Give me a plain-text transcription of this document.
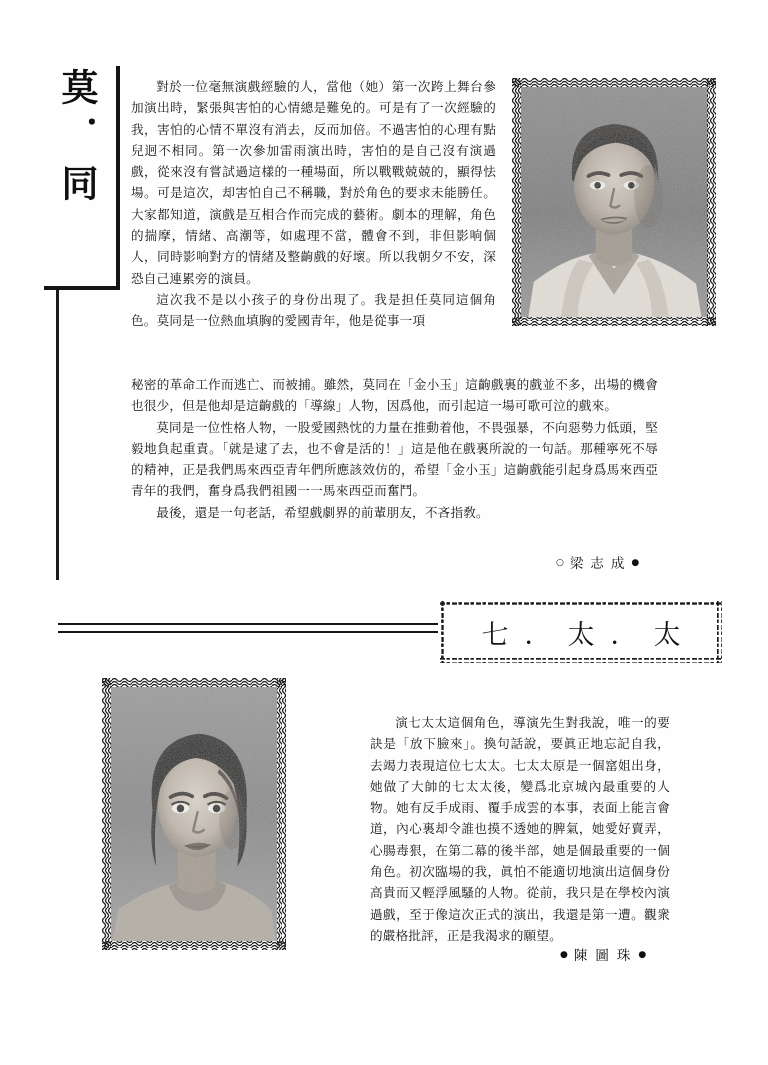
莫．同	對於一位毫無演戲經驗的人，當他（她）第一次跨上舞台參加演出時，緊張與害怕的心情總是難免的。可是有了一次經驗的我，害怕的心情不單沒有消去，反而加倍。不過害怕的心理有點兒迥不相同。第一次參加雷雨演出時，害怕的是自己沒有演過戲，從來沒有嘗試過這樣的一種場面，所以戰戰兢兢的，顯得怯場。可是這次，却害怕自己不稱職，對於角色的要求未能勝任。大家都知道，演戲是互相合作而完成的藝術。劇本的理解，角色的揣摩，情緒、高潮等，如處理不當，體會不到，非但影响個人，同時影响對方的情緒及整齣戲的好壞。所以我朝夕不安，深恐自己連累旁的演員。

這次我不是以小孩子的身份出現了。我是担任莫同這個角色。莫同是一位熱血填胸的愛國青年，他是從事一項

秘密的革命工作而逃亡、而被捕。雖然，莫同在「金小玉」這齣戲裏的戲並不多，出場的機會也很少，但是他却是這齣戲的「導線」人物，因爲他，而引起這一場可歌可泣的戲來。

莫同是一位性格人物，一股愛國熱忱的力量在推動着他，不畏强暴，不向惡勢力低頭，堅毅地負起重責。「就是逮了去，也不會是活的！」這是他在戲裏所說的一句話。那種寧死不辱的精神，正是我們馬來西亞青年們所應該效仿的，希望「金小玉」這齣戲能引起身爲馬來西亞青年的我們，奮身爲我們祖國一一馬來西亞而奮鬥。

最後，還是一句老話，希望戲劇界的前輩朋友，不吝指敎。

○梁志成●
七．太．太

演七太太這個角色，導演先生對我說，唯一的要訣是「放下臉來」。換句話說，要眞正地忘記自我，去竭力表現這位七太太。七太太原是一個窰姐出身，她做了大帥的七太太後，變爲北京城內最重要的人物。她有反手成雨、覆手成雲的本事，表面上能言會道，內心裏却令誰也摸不透她的脾氣，她愛好賣弄，心腸毒狠，在第二幕的後半部，她是個最重要的一個角色。初次臨場的我，眞怕不能適切地演出這個身份高貴而又輕浮風騷的人物。從前，我只是在學校內演過戲，至于像這次正式的演出，我還是第一遭。觀衆的嚴格批評，正是我渴求的願望。

●陳圖珠●
